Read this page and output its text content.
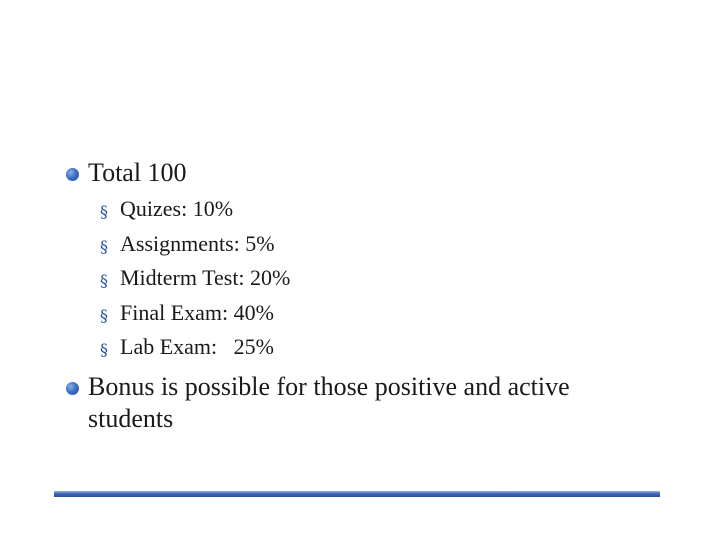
Total 100
§ Quizes: 10%
§ Assignments: 5%
§ Midterm Test: 20%
§ Final Exam: 40%
§ Lab Exam:   25%
Bonus is possible for those positive and active students
